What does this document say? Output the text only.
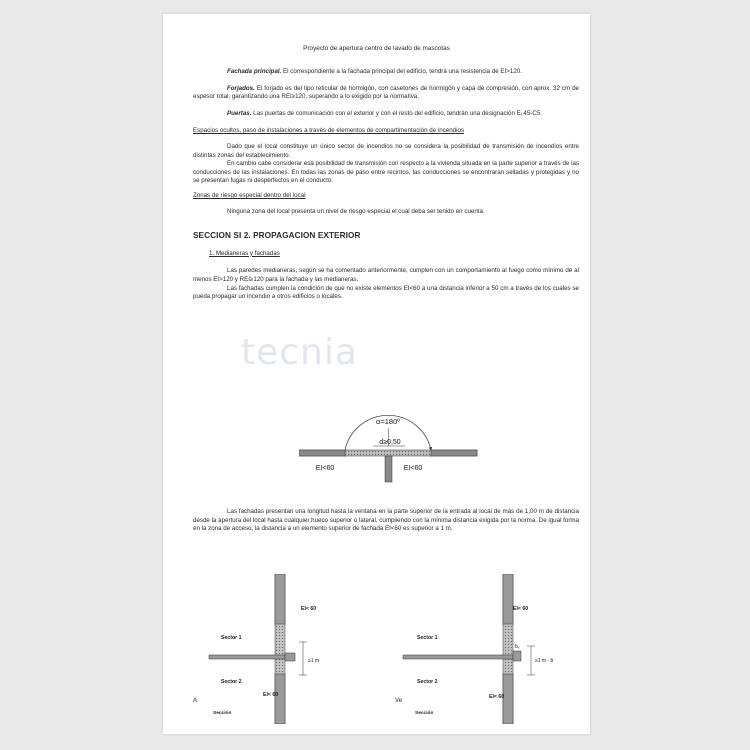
Proyecto de apertura centro de lavado de mascotas
tecnia

Fachada principal. El correspondiente a la fachada principal del edificio, tendrá una resistencia de EI>120.

Forjados. El forjado es del tipo reticular de hormigón, con casetones de hormigón y capa de compresión, con aprox. 32 cm de espesor total, garantizando una REI≥120, superando a lo exigido por la normativa.

Puertas. Las puertas de comunicación con el exterior y con el resto del edificio, tendrán una designación Eᵢ 45-C5.

Espacios ocultos, paso de instalaciones a través de elementos de compartimentación de incendios

Dado que el local constituye un único sector de incendios no se considera la posibilidad de transmisión de incendios entre distintas zonas del establecimiento.

En cambio cabe considerar esa posibilidad de transmisión con respecto a la vivienda situada en la parte superior a través de las conducciones de las instalaciones. En todas las zonas de paso entre recintos, las conducciones se encontraran selladas y protegidas y no se presentan fugas ni desperfectos en el conducto.

Zonas de riesgo especial dentro del local

Ninguna zona del local presenta un nivel de riesgo especial el cual deba ser tenido en cuenta.

SECCION SI 2. PROPAGACION EXTERIOR

1. Medianeras y fachadas

Las paredes medianeras, según se ha comentado anteriormente, cumplen con un comportamiento al fuego como mínimo de al menos EI>120 y REI≥120 para la fachada y las medianeras.

Las fachadas cumplen la condición de que no existe elementos EI<60 a una distancia inferior a 50 cm a través de los cuales se pueda propagar un incendio a otros edificios o locales.

α=180º
d≥0,50
EI<60	EI<60

Las fachadas presentan una longitud hasta la ventana en la parte superior de la entrada al local de más de 1,00 m de distancia desde la apertura del local hasta cualquier hueco superior o lateral, cumpliendo con la mínima distancia exigida por la norma. De igual forma en la zona de acceso, la distancia a un elemento superior de fachada EI<60 es superior a 1 m.

EI< 60
Sector 1
Sector 2
≥1 m
EI< 60
A
Sección
EI< 60
Sector 1
Sector 2
bᵥ
≥1 m - b
EI< 60
Ve
Sección
